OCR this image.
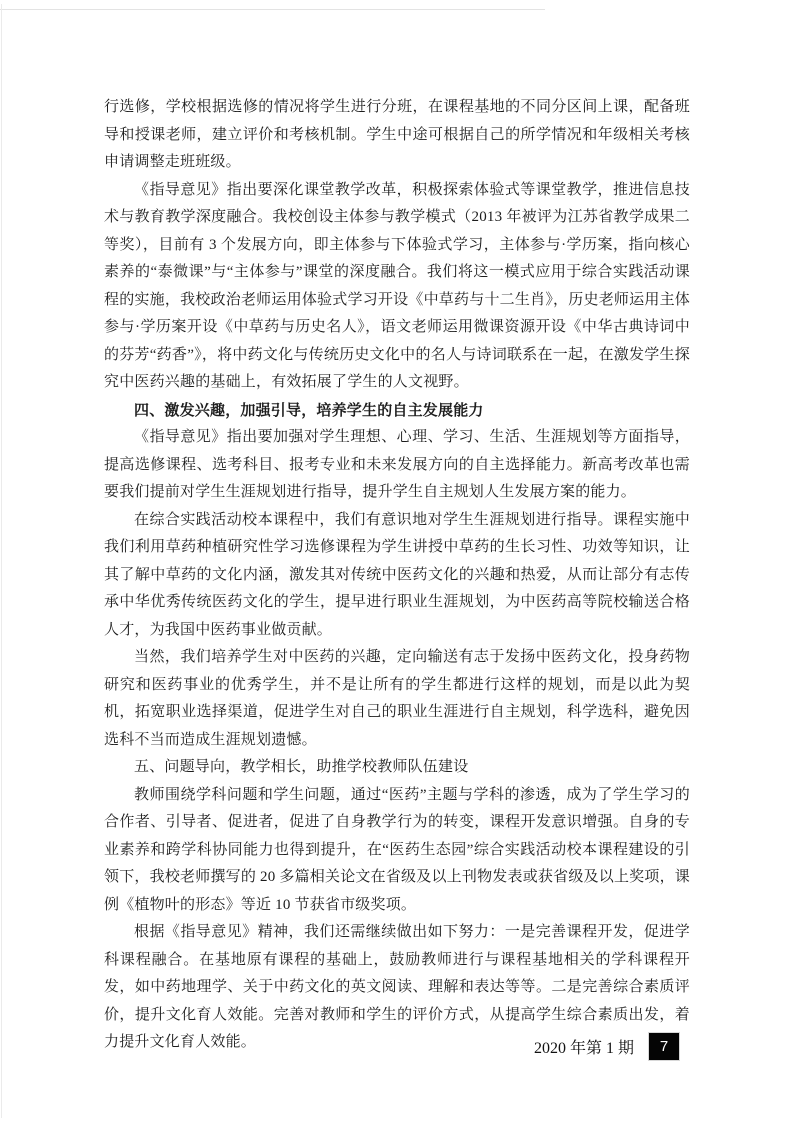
行选修，学校根据选修的情况将学生进行分班，在课程基地的不同分区间上课，配备班导和授课老师，建立评价和考核机制。学生中途可根据自己的所学情况和年级相关考核申请调整走班班级。

《指导意见》指出要深化课堂教学改革，积极探索体验式等课堂教学，推进信息技术与教育教学深度融合。我校创设主体参与教学模式（2013 年被评为江苏省教学成果二等奖），目前有 3 个发展方向，即主体参与下体验式学习，主体参与·学历案，指向核心素养的“泰微课”与“主体参与”课堂的深度融合。我们将这一模式应用于综合实践活动课程的实施，我校政治老师运用体验式学习开设《中草药与十二生肖》，历史老师运用主体参与·学历案开设《中草药与历史名人》，语文老师运用微课资源开设《中华古典诗词中的芬芳“药香”》，将中药文化与传统历史文化中的名人与诗词联系在一起，在激发学生探究中医药兴趣的基础上，有效拓展了学生的人文视野。

四、激发兴趣，加强引导，培养学生的自主发展能力

《指导意见》指出要加强对学生理想、心理、学习、生活、生涯规划等方面指导，提高选修课程、选考科目、报考专业和未来发展方向的自主选择能力。新高考改革也需要我们提前对学生生涯规划进行指导，提升学生自主规划人生发展方案的能力。

在综合实践活动校本课程中，我们有意识地对学生生涯规划进行指导。课程实施中我们利用草药种植研究性学习选修课程为学生讲授中草药的生长习性、功效等知识，让其了解中草药的文化内涵，激发其对传统中医药文化的兴趣和热爱，从而让部分有志传承中华优秀传统医药文化的学生，提早进行职业生涯规划，为中医药高等院校输送合格人才，为我国中医药事业做贡献。

当然，我们培养学生对中医药的兴趣，定向输送有志于发扬中医药文化，投身药物研究和医药事业的优秀学生，并不是让所有的学生都进行这样的规划，而是以此为契机，拓宽职业选择渠道，促进学生对自己的职业生涯进行自主规划，科学选科，避免因选科不当而造成生涯规划遗憾。

五、问题导向，教学相长，助推学校教师队伍建设

教师围绕学科问题和学生问题，通过“医药”主题与学科的渗透，成为了学生学习的合作者、引导者、促进者，促进了自身教学行为的转变，课程开发意识增强。自身的专业素养和跨学科协同能力也得到提升，在“医药生态园”综合实践活动校本课程建设的引领下，我校老师撰写的 20 多篇相关论文在省级及以上刊物发表或获省级及以上奖项，课例《植物叶的形态》等近 10 节获省市级奖项。

根据《指导意见》精神，我们还需继续做出如下努力：一是完善课程开发，促进学科课程融合。在基地原有课程的基础上，鼓励教师进行与课程基地相关的学科课程开发，如中药地理学、关于中药文化的英文阅读、理解和表达等等。二是完善综合素质评价，提升文化育人效能。完善对教师和学生的评价方式，从提高学生综合素质出发，着力提升文化育人效能。	2020 年第 1 期	7
